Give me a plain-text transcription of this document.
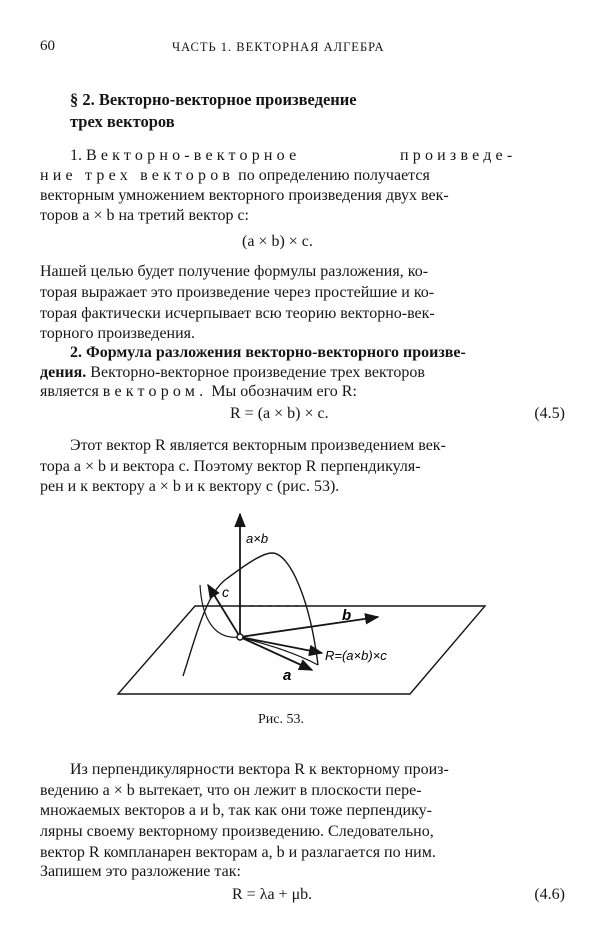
60	ЧАСТЬ 1. ВЕКТОРНАЯ АЛГЕБРА
§ 2. Векторно-векторное произведение
трех векторов
1. Векторно-векторное	произведе-
ние трех векторов по определению получается
векторным умножением векторного произведения двух век-
торов a × b на третий вектор c:
(a × b) × c.
Нашей целью будет получение формулы разложения, ко-
торая выражает это произведение через простейшие и ко-
торая фактически исчерпывает всю теорию векторно-век-
торного произведения.
2. Формула разложения векторно-векторного произве-
дения. Векторно-векторное произведение трех векторов
является вектором. Мы обозначим его R:
R = (a × b) × c.	(4.5)
Этот вектор R является векторным произведением век-
тора a × b и вектора c. Поэтому вектор R перпендикуля-
рен и к вектору a × b и к вектору c (рис. 53).
a×b
c
b
R=(a×b)×c
a
Рис. 53.
Из перпендикулярности вектора R к векторному произ-
ведению a × b вытекает, что он лежит в плоскости пере-
множаемых векторов a и b, так как они тоже перпендику-
лярны своему векторному произведению. Следовательно,
вектор R компланарен векторам a, b и разлагается по ним.
Запишем это разложение так:
R = λa + μb.	(4.6)
